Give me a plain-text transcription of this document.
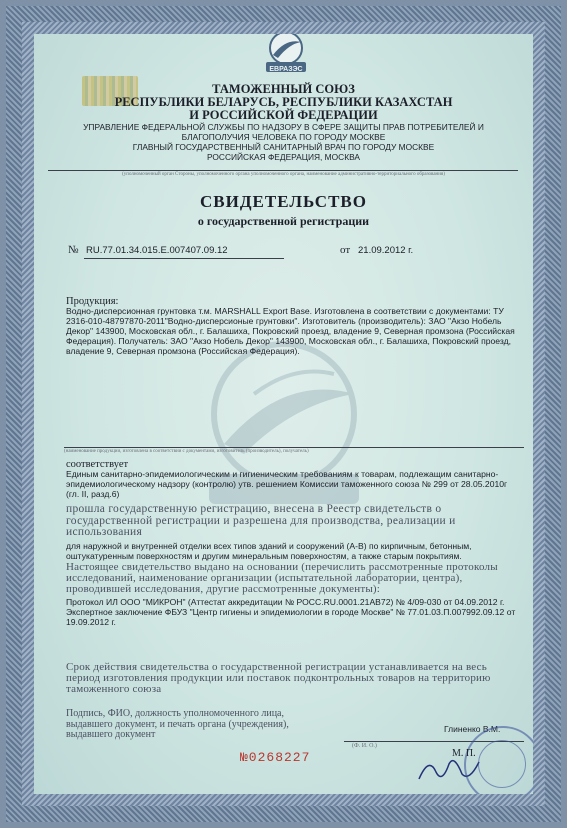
ЕВРАЗЭС
ТАМОЖЕННЫЙ СОЮЗ
РЕСПУБЛИКИ БЕЛАРУСЬ, РЕСПУБЛИКИ КАЗАХСТАН
И РОССИЙСКОЙ ФЕДЕРАЦИИ
УПРАВЛЕНИЕ ФЕДЕРАЛЬНОЙ СЛУЖБЫ ПО НАДЗОРУ В СФЕРЕ ЗАЩИТЫ ПРАВ ПОТРЕБИТЕЛЕЙ И
БЛАГОПОЛУЧИЯ ЧЕЛОВЕКА ПО ГОРОДУ МОСКВЕ
ГЛАВНЫЙ ГОСУДАРСТВЕННЫЙ САНИТАРНЫЙ ВРАЧ ПО ГОРОДУ МОСКВЕ
РОССИЙСКАЯ ФЕДЕРАЦИЯ, МОСКВА
(уполномоченный орган Стороны, уполномоченного органа уполномоченного органа, наименование административно-территориального образования)
СВИДЕТЕЛЬСТВО
о государственной регистрации
№ RU.77.01.34.015.Е.007407.09.12	от 21.09.2012 г.
Продукция:
Водно-дисперсионная грунтовка т.м. MARSHALL Export Base. Изготовлена в соответствии с документами: ТУ 2316-010-48797870-2011"Водно-дисперсионые грунтовки". Изготовитель (производитель): ЗАО "Акзо Нобель Декор" 143900, Московская обл., г. Балашиха, Покровский проезд, владение 9, Северная промзона (Российская Федерация). Получатель: ЗАО "Акзо Нобель Декор" 143900, Московская обл., г. Балашиха, Покровский проезд, владение 9, Северная промзона (Российская Федерация).
(наименование продукции, изготовлена в соответствии с документами, изготовитель (производитель), получатель)
соответствует
Единым санитарно-эпидемиологическим и гигиеническим требованиям к товарам, подлежащим санитарно-эпидемиологическому надзору (контролю) утв. решением Комиссии таможенного союза № 299 от 28.05.2010г (гл. II, разд.6)
прошла государственную регистрацию, внесена в Реестр свидетельств о государственной регистрации и разрешена для производства, реализации и использования
для наружной и внутренней отделки всех типов зданий и сооружений (А-В) по кирпичным, бетонным, оштукатуренным поверхностям и другим минеральным поверхностям, а также старым покрытиям.
Настоящее свидетельство выдано на основании (перечислить рассмотренные протоколы исследований, наименование организации (испытательной лаборатории, центра), проводившей исследования, другие рассмотренные документы):
Протокол ИЛ ООО "МИКРОН" (Аттестат аккредитации № РОСС.RU.0001.21АВ72) № 4/09-030 от 04.09.2012 г. Экспертное заключение ФБУЗ "Центр гигиены и эпидемиологии в городе Москве" № 77.01.03.П.007992.09.12 от 19.09.2012 г.
Срок действия свидетельства о государственной регистрации устанавливается на весь период изготовления продукции или поставок подконтрольных товаров на территорию таможенного союза
Подпись, ФИО, должность уполномоченного лица, выдавшего документ, и печать органа (учреждения), выдавшего документ	Глиненко В.М.
(Ф. И. О.)
М. П.
№0268227
